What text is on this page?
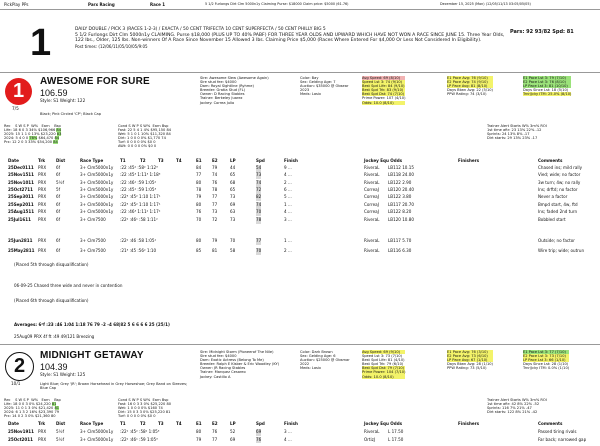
PickPlay PPs	Parx Racing	Race 1	5 1/2 Furlongs Dirt Clm 5000n1y Claiming Purse: $18000 Claim price: $5000 (61.76)	December 15, 2025 (Mon) (12/05/11/13 03:05/05/05)
1	DAILY DOUBLE / PICK 3 (RACES 1-2-3) / EXACTA / 50 CENT TRIFECTA 10 CENT SUPERFECTA / 50 CENT PHILLY BIG 5
5 1/2 Furlongs Dirt Clm 5000n1y CLAIMING. Purse $18,000 (PLUS UP TO 40% PABF) FOR THREE YEAR OLDS AND UPWARD WHICH HAVE NOT WON A RACE SINCE JUNE 15. Three Year Olds, 122 lbs., Older, 125 lbs. Non-winners Of A Race Since November 15 Allowed 3 lbs. Claiming Price $5,000 (Races Where Entered For $4,000 Or Less Not Considered In Eligibility).
Post times: (12/06/11/05/10/05/9:05
Pars: 92 93/82 Spd: 81
1
7/5
AWESOME FOR SURE
106.59
Style: S1 Weight: 122
Black; Pink Circled 'CP'; Black Cap
Sire: Awesome Slew (Awesome Again)
Sire stud fee: $4000
Dam: Royal Sightline (Ryhme)
Breeder: Gratia Stud (FL)
Owner: D Racing Stables
Trainer: Berkeley Juarez
Jockey: Correa Julio
Color: Bay
Sex: Gelding Age: 7
Auction: $35000 @ Obsear
2023
Meds: Lasix
Avg Speed: 69 (8/10)
Speed Lst 3: 74 (9/10)
Best Spd Life: 84 (9/10)
Best Spd Trk: 83 (9/10)
Best Spd Dst: 74 (7/10)
Prime Power: 107 (4/10)
Odds: 10.0 (8/10)
E1 Pace Avg: 76 (9/10)
E2 Pace Avg: 74 (9/10)
LP Pace Avg: 81 (8/10)
Days Btwn Avg: 22 (5/10)
PPW Rating: 74 (3/10)
E1 Pace Lst 3: 79 (7/10)
E2 Pace Lst 3: 76 (8/10)
LP Pace Lst 3: 81 (10/10)
Days Since Lst: 18 (5/10)
Trnr/Jcky ITM: 25.0% (8/10)
Rec    S W S P  W%   Earn    Bsp
Life: 18 6 0 3 34% $106,966 84
2025: 15 1 1 0 13% $23,220 83
2024: 5 4 0 0 78% $64,470 84
Prx: 12 2 0 3 33% $54,200 84
Cond S W P S W%  Earn Bsp
Fast: 22 5 4 1 4% $95,150 84
Wet: 5 1 0 1 10% $11,320 84
Dirt: 1 0 0 0 0% $1,770 74
Turf: 0 0 0 0 0% $0 0
AWt: 0 0 0 0 0% $0 0
Trainer Alert Starts W% 3m% ROI
1st time aftr: 23 13% 22% -12
Sprints: 24 13% 8% -17
Dirt starts: 29 13% 23% -17
Date	Trk	Dist	Race Type	T1	T2	T3	T4	E1	E2	LP	Spd	Finish	Jockey Equ Odds	Finishers	Comments
25Dec0111 PRX 6f	3+ Clm5000n1y :22 :45² :58² 1:12³	84	79	44	54	9 ...	RiveraL LB112 10.15	Chased ins; mild rally
25Nov1511 PRX 6f	3+ Clm5000n1y :22 :45³ 1:11³ 1:18³	77	74	65	73	4 ...	RiveraL LB118 24.00	Vied; wide; no factor
25Nov1011 PRX 5½f	3+ Clm5000n1y :22 :46¹ :59 1:05²	80	76	68	74	2 ...	RiveraL LB122 2.90	3w turn; 4w; no rally
25Oct2711 PRX 5f	3+ Clm5000n1y :22 :45¹ :59 1:05³	78	78	65	72	6 ...	CorreaJ LB120 20.40	Ins; drftd; no factor
25Sep3011 PRX 6f	3+ Clm5000n1y :22³ :45² 1:10 1:17¹	79	77	73	82	5 ...	CorreaJ LB122 3.80	Never a factor
25Sep2011 PRX 6f	3+ Clm5000n1y :22³ :45² 1:10 1:17¹	80	77	69	74	1 ...	CorreaJ LB117 20.70	Bmpd start, 4w, ftd
25Aug1511 PRX 6f	3+ Clm5000n1y :22 :46³ 1:11² 1:17²	76	73	63	70	4 ...	CorreaJ LB122 8.20	Ins; faded 2nd turn
25Jul1611 PRX 6f	3+ Clm7500	:22² :46¹ :58 1:11²	70	72	73	78	3 ...	RiveraL LB120 10.80	Bobbled start
25Jun2811 PRX 6f	3+ Clm7500	:22² :46 :58 1:05¹	80	79	70	77	1 ...	RiveraL LB117 5.70	Outside; no factor
25May2811 PRX 6f	3+ Clm7500	:21³ :45 :56² 1:10	85	81	58	70	2 ...	RiveraL LB116 6.30	Wire trip; wide; outrun
(Placed 5th through disqualification)
06-09-25 Chased three wide and never in contention
(Placed 6th through disqualification)
Averages: 6²f :23 :46 1:04 1:18 76 79 -2 -4 68|82 5 6 6 6 6 25 (25/1)
25Aug09 PRX 4f ft :49 49/121 Breezing
2
10/1
MIDNIGHT GETAWAY
104.39
Style: S1 Weight: 125
Light Blue; Grey 'JR'; Brown Horsehead in Grey Horseshoe; Grey Band on Sleeves; Blue Cap
Sire: Midnight Storm (Pioneerof The Nile)
Sire stud fee: $4000
Dam: Exotic Actress (Belong To Me)
Breeder: Ralph E Kisber & Eric Woodley (KY)
Owner: JR Racing Stables
Trainer: Marquez Cesareo
Jockey: Castillo A
Color: Dark Brown
Sex: Gelding Age: 6
Auction: $25000 @ Obsmar
2022
Meds: Lasix
Avg Speed: 69 (9/10)
Speed Lst 3: 73 (7/10)
Best Spd Life: 81 (4/10)
Best Spd Trk: 79 (6/10)
Best Spd Dst: 79 (7/10)
Prime Power: 104 (7/10)
Odds: 10.0 (8/10)
E1 Pace Avg: 76 (3/10)
E2 Pace Avg: 73 (6/10)
LP Pace Avg: 67 (1/10)
Days Btwn Avg: 28 (1/10)
PPW Rating: 73 (5/10)
E1 Pace Lst 3: 77 (7/10)
E2 Pace Lst 3: 73 (7/10)
LP Pace Lst 3: 66 (1/10)
Days Since Lst: 28 (1/10)
Trnr/Jcky ITM: 0.0% (1/10)
Rec    S W S P  W%   Earn    Bsp
Life: 18 0 0 3 0% $24,220 81
2025: 11 0 1 3 0% $21,420 81
2024: 6 1 3 2 16% $23,390 79
Prx: 14 0 2 3 0% $21,360 80
Cond S W P S W%  Earn Bsp
Fast: 16 0 3 3 0% $25,220 80
Wet: 1 0 0 0 0% $160 74
Dirt: 15 0 3 3 0% $25,220 81
Turf: 0 0 0 0 0% $0 0
Trainer Alert Starts W% 3m% ROI
1st time aftr: 42 8% 22% -52
Sprints: 116 7% 21% -47
Dirt starts: 122 8% 21% -42
Date	Trk	Dist	Race Type	T1	T2	T3	T4	E1	E2	LP	Spd	Finish	Jockey Equ Odds	Finishers	Comments
25Nov1911 PRX 5½f	3+ Clm5000n1y :22¹ :45² :58² 1:05³	80	76	52	69	3 ...	RiveraL L 17.50	Passed tiring rivals
25Oct2011 PRX 5½f	3+ Clm5000n1y :22² :46¹ :59 1:05³	79	77	69	76	4 ...	OrtizJ	L 17.50	Far back; narrowed gap
